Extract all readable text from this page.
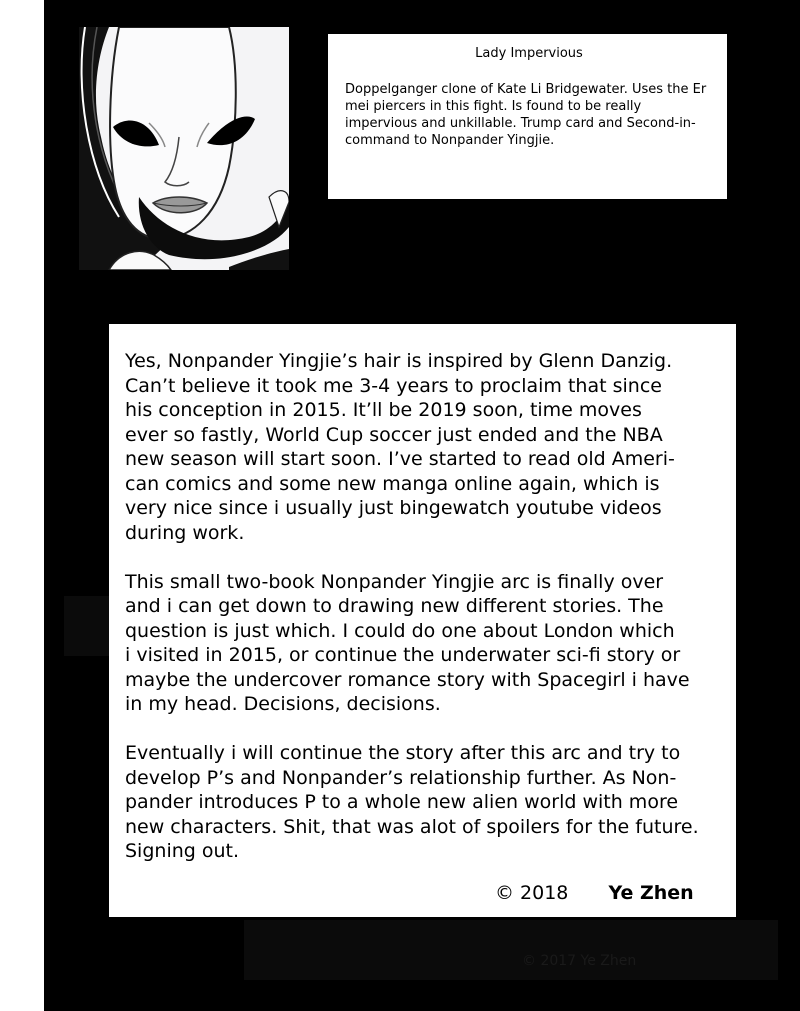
© 2017 Ye Zhen
Lady Impervious

Doppelganger clone of Kate Li Bridgewater. Uses the Er mei piercers in this fight. Is found to be really impervious and unkillable. Trump card and Second-in-command to Nonpander Yingjie.

Yes, Nonpander Yingjie’s hair is inspired by Glenn Danzig.
Can’t believe it took me 3-4 years to proclaim that since
his conception in 2015. It’ll be 2019 soon, time moves
ever so fastly, World Cup soccer just ended and the NBA
new season will start soon. I’ve started to read old Ameri-
can comics and some new manga online again, which is
very nice since i usually just bingewatch youtube videos
during work.

This small two-book Nonpander Yingjie arc is finally over
and i can get down to drawing new different stories. The
question is just which. I could do one about London which
i visited in 2015, or continue the underwater sci-fi story or
maybe the undercover romance story with Spacegirl i have
in my head. Decisions, decisions.

Eventually i will continue the story after this arc and try to
develop P’s and Nonpander’s relationship further. As Non-
pander introduces P to a whole new alien world with more
new characters. Shit, that was alot of spoilers for the future.
Signing out.

© 2018 Ye Zhen
